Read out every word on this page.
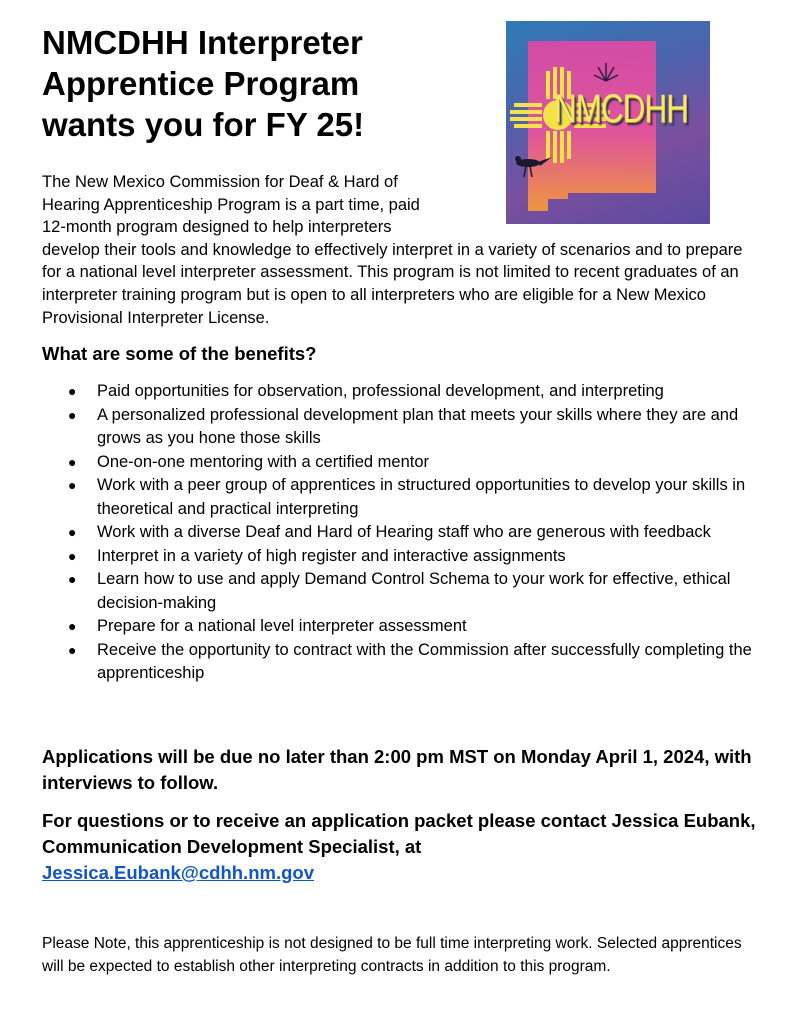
NMCDHH Interpreter
Apprentice Program
wants you for FY 25!	NMCDHH

The New Mexico Commission for Deaf & Hard of
Hearing Apprenticeship Program is a part time, paid
12-month program designed to help interpreters
develop their tools and knowledge to effectively interpret in a variety of scenarios and to prepare for a national level interpreter assessment. This program is not limited to recent graduates of an interpreter training program but is open to all interpreters who are eligible for a New Mexico Provisional Interpreter License.

What are some of the benefits?
● Paid opportunities for observation, professional development, and interpreting
● A personalized professional development plan that meets your skills where they are and grows as you hone those skills
● One-on-one mentoring with a certified mentor
● Work with a peer group of apprentices in structured opportunities to develop your skills in theoretical and practical interpreting
● Work with a diverse Deaf and Hard of Hearing staff who are generous with feedback
● Interpret in a variety of high register and interactive assignments
● Learn how to use and apply Demand Control Schema to your work for effective, ethical decision-making
● Prepare for a national level interpreter assessment
● Receive the opportunity to contract with the Commission after successfully completing the apprenticeship

Applications will be due no later than 2:00 pm MST on Monday April 1, 2024, with interviews to follow.

For questions or to receive an application packet please contact Jessica Eubank, Communication Development Specialist, at
Jessica.Eubank@cdhh.nm.gov

Please Note, this apprenticeship is not designed to be full time interpreting work. Selected apprentices will be expected to establish other interpreting contracts in addition to this program.
